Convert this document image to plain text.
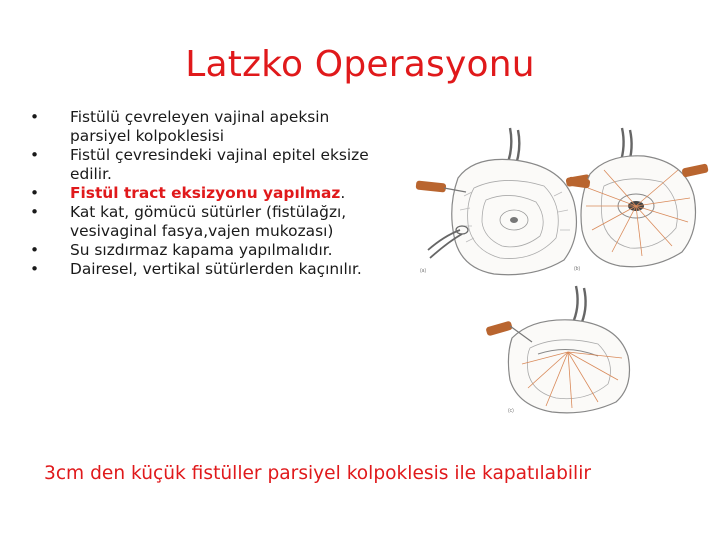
Latzko Operasyonu
•	Fistülü çevreleyen vajinal apeksin parsiyel kolpoklesisi
•	Fistül çevresindeki vajinal epitel eksize edilir.
•	Fistül tract eksizyonu yapılmaz.
•	Kat kat, gömücü sütürler (fistülağzı, vesivaginal fasya,vajen mukozası)
•	Su sızdırmaz kapama yapılmalıdır.
•	Dairesel, vertikal sütürlerden kaçınılır.	(a)	(b)
(c)
3cm den küçük fistüller parsiyel kolpoklesis ile kapatılabilir
